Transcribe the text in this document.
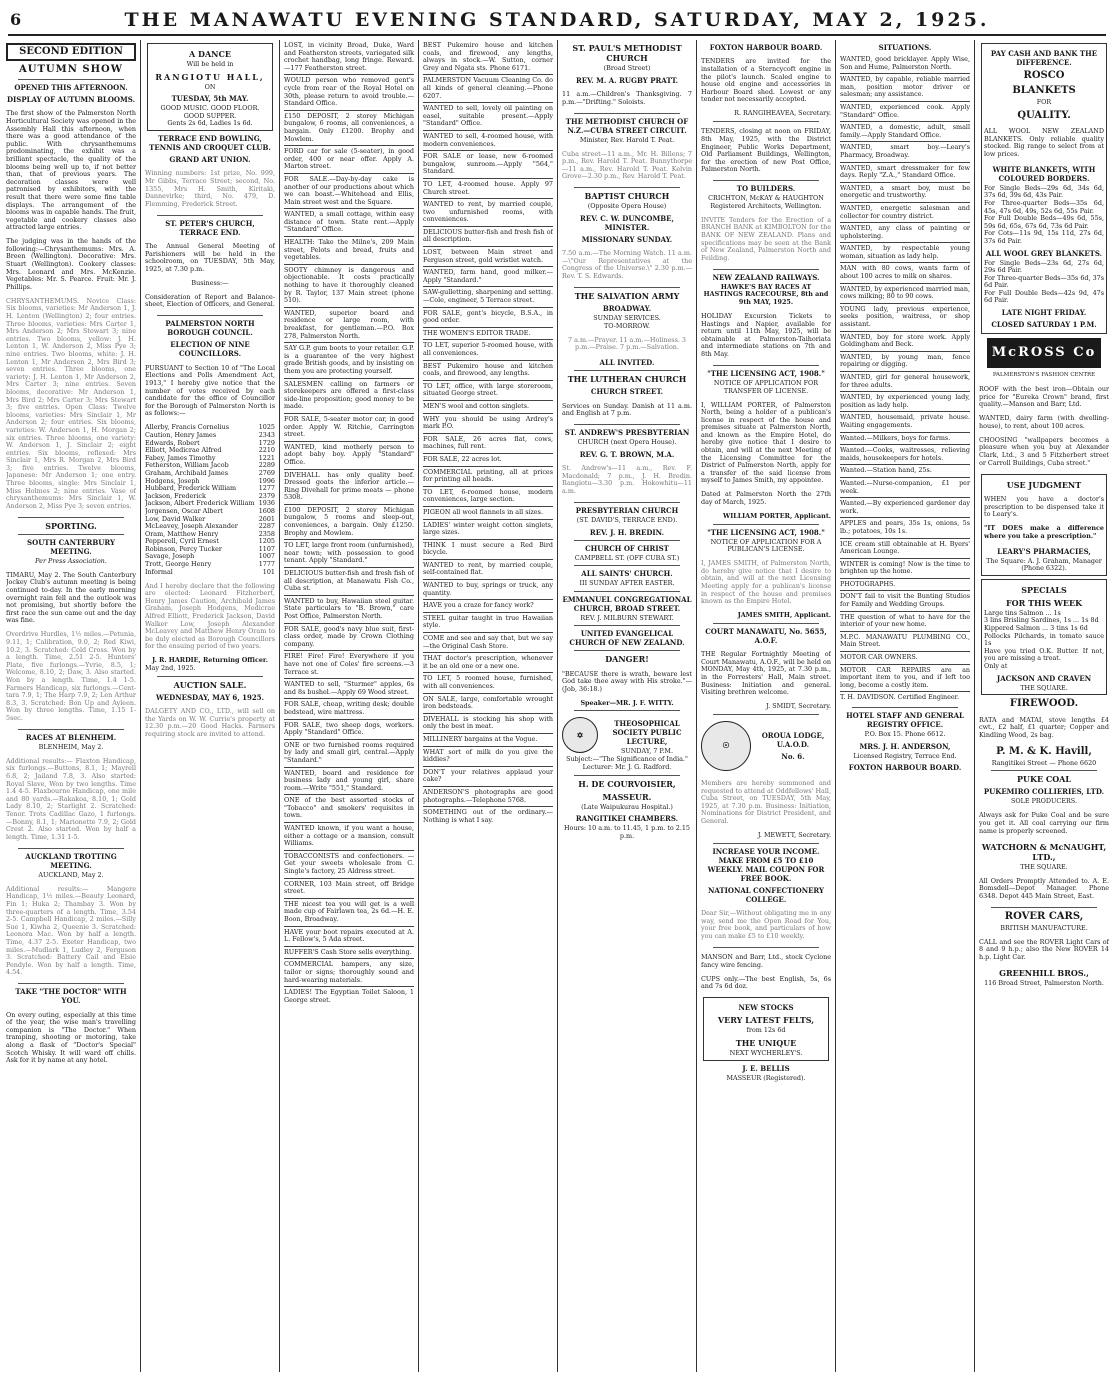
6	THE MANAWATU EVENING STANDARD, SATURDAY, MAY 2, 1925.
SECOND EDITION
AUTUMN SHOW
OPENED THIS AFTERNOON.
DISPLAY OF AUTUMN BLOOMS.

The first show of the Palmerston North Horticultural Society was opened in the Assembly Hall this afternoon, when there was a good attendance of the public. With chrysanthemums predominating, the exhibit was a brilliant spectacle, the quality of the blooms being well up to, if not better than, that of previous years. The decoration classes were well patronised by exhibitors, with the result that there were some fine table displays. The arrangement of the blooms was in capable hands. The fruit, vegetable and cookery classes also attracted large entries.

The judging was in the hands of the following:—Chrysanthemums: Mrs. A. Breen (Wellington). Decorative: Mrs. Stuart (Wellington). Cookery classes: Mrs. Leonard and Mrs. McKenzie. Vegetables: Mr. S. Pearce. Fruit: Mr. J. Phillips.

CHRYSANTHEMUMS. Novice Class: Six blooms, varieties: Mr Anderson 1, J. H. Lenton (Wellington) 2; four entries. Three blooms, varieties: Mrs Carter 1, Mrs Anderson 2; Mrs Stewart 3; nine entries. Two blooms, yellow: J. H. Lenton 1, W. Anderson 2, Miss Pye 3; nine entries. Two blooms, white: J. H. Lenton 1, Mr Anderson 2, Mrs Bird 3; seven entries. Three blooms, one variety: J. H. Lenton 1, Mr Anderson 2, Mrs Carter 3; nine entries. Seven blooms, decorative: Mr Anderson 1, Mrs Bird 2; Mrs Carter 3; Mrs Stewart 3; five entries. Open Class: Twelve blooms, varieties: Mrs Sinclair 1, Mr Anderson 2; four entries. Six blooms, varieties: W. Anderson 1, H. Morgan 2; six entries. Three blooms, one variety: W. Anderson 1, J. Sinclair 2; eight entries. Six blooms, reflexed: Mrs Sinclair 1, Mrs R. Morgan 2, Mrs Bird 3; five entries. Twelve blooms, Japanese: Mr Anderson 1; one entry. Three blooms, single: Mrs Sinclair 1, Miss Holmes 2; nine entries. Vase of chrysanthemums: Mrs Sinclair 1, W. Anderson 2, Miss Pye 3; seven entries.

SPORTING.
SOUTH CANTERBURY MEETING.
Per Press Association.

TIMARU, May 2. The South Canterbury Jockey Club's autumn meeting is being continued to-day. In the early morning overnight rain fell and the outlook was not promising, but shortly before the first race the sun came out and the day was fine.

Overdrive Hurdles, 1½ miles.—Petunia, 9.11, 1; Calibration, 9.0, 2; Red Kiwi, 10.2, 3. Scratched: Cold Cross. Won by a length. Time, 2.51 2-5. Hunters' Plate, five furlongs.—Yvrie, 8.5, 1; Welcome, 8.10, 2; Daw, 3. Also started. Won by a length. Time, 1.4 1-5. Farmers Handicap, six furlongs.—Cent-tara 7.9, 1; The Harp 7.9, 2; Len Arthur 8.3, 3. Scratched: Bon Up and Ayleen. Won by three lengths. Time, 1.15 1-5sec.

RACES AT BLENHEIM.
BLENHEIM, May 2.

Additional results:— Flaxton Handicap, six furlongs.—Buttons, 8.1, 1; Mayrell 6.8, 2; Jailand 7.8, 3. Also started: Royal Slave, Won by two lengths. Time 1.4 4-5. Flaxbourne Handicap, one mile and 80 yards.—Rakakoa, 8.10, 1; Gold Lady 8.10, 2; Starlight 2. Scratched: Tenor. Trots Cadillac Gazo, 1 furlongs.—Bonny, 8.1, 1; Marionette 7.9, 2; Gold Crest 2. Also started. Won by half a length. Time, 1.31 1-5.

AUCKLAND TROTTING MEETING.
AUCKLAND, May 2.

Additional results:— Mangere Handicap, 1½ miles.—Beauty Leonard, Fin 1; Huka 2; Thambay 3. Won by three-quarters of a length. Time, 3.54 2-5. Campbell Handicap, 2 miles.—Silly Sue 1, Kiwha 2, Queenie 3. Scratched: Leonora Mac. Won by half a length. Time, 4.37 2-5. Exeter Handicap, two miles.—Mudlark 1, Ludley 2, Ferguson 3. Scratched: Battery Cail and Elsie Pendyle. Won by half a length. Time, 4.54.

TAKE "THE DOCTOR" WITH YOU.

On every outing, especially at this time of the year, the wise man's travelling companion is "The Doctor." When tramping, shooting or motoring, take along a flask of "Doctor's Special" Scotch Whisky. It will ward off chills. Ask for it by name at any hotel.

A DANCE
Will be held in
RANGIOTU HALL,
ON
TUESDAY, 5th MAY.
GOOD MUSIC. GOOD FLOOR. GOOD SUPPER.
Gents 2s 6d, Ladies 1s 6d.
TERRACE END BOWLING, TENNIS AND CROQUET CLUB.
GRAND ART UNION.

Winning numbers: 1st prize, No. 999, Mr Gibbs, Terrace Street; second, No. 1355, Mrs H. Smith, Kiritaki, Dannevirke; third, No. 479, D. Flemming, Frederick Street.

ST. PETER'S CHURCH, TERRACE END.

The Annual General Meeting of Parishioners will be held in the schoolroom, on TUESDAY, 5th May, 1925, at 7.30 p.m.

Business:—

Consideration of Report and Balance-sheet, Election of Officers, and General.

PALMERSTON NORTH BOROUGH COUNCIL.
ELECTION OF NINE COUNCILLORS.

PURSUANT to Section 10 of "The Local Elections and Polls Amendment Act, 1913," I hereby give notice that the number of votes received by each candidate for the office of Councillor for the Borough of Palmerston North is as follows:—

Allerby, Francis Cornelius	1025
Caution, Henry James	2343
Edwards, Robert	1729
Elliott, Medicrae Alfred	2210
Fabey, James Timothy	1221
Fetherston, William Jacob	2289
Graham, Archibald James	2769
Hodgens, Joseph	1996
Hubbard, Frederick William	1277
Jackson, Frederick	2379
Jackson, Albert Frederick William 1936
Jorgensen, Oscar Albert	1608
Low, David Walker	2601
McLeavey, Joseph Alexander	2287
Oram, Matthew Henry	2358
Pepperell, Cyril Ernest	1205
Robinson, Percy Tucker	1107
Savage, Joseph	1007
Trott, George Henry	1777
Informal	101

And I hereby declare that the following are elected: Leonard Fitzherbert, Henry James Caution, Archibald James Graham, Joseph Hodgens, Medicrae Alfred Elliott, Frederick Jackson, David Walker Low, Joseph Alexander McLeavey and Matthew Henry Oram to be duly elected as Borough Councillors for the ensuing period of two years.

J. R. HARDIE, Returning Officer.
May 2nd, 1925.
AUCTION SALE.
WEDNESDAY, MAY 6, 1925.

DALGETY AND CO., LTD., will sell on the Yards on W. W. Currie's property at 12.30 p.m.—20 Good Hacks. Farmers requiring stock are invited to attend.

LOST, in vicinity Broad, Duke, Ward and Featherston streets, variegated silk crochet handbag, long fringe. Reward.—177 Featherston street.
WOULD person who removed gent's cycle from rear of the Royal Hotel on 30th, please return to avoid trouble.—Standard Office.
£150 DEPOSIT, 2 storey Michigan bungalow, 6 rooms, all conveniences, a bargain. Only £1200. Brophy and Mowlem.
FORD car for sale (5-seater), in good order, 400 or near offer. Apply A. Marton street.
FOR SALE.—Day-by-day cake is another of our productions about which we can boast.—Whitehead and Ellis, Main street west and the Square.
WANTED, a small cottage, within easy distance of town. State rent.—Apply "Standard" Office.
HEALTH: Take the Milne's, 209 Main street, Pelots and bread, fruits and vegetables.
SOOTY chimney is dangerous and objectionable. It costs practically nothing to have it thoroughly cleaned by R. Taylor, 137 Main street (phone 510).
WANTED, superior board and residence or large room, with breakfast, for gentleman.—P.O. Box 278, Palmerston North.
SAY G.P. gum boots to your retailer. G.P. is a guarantee of the very highest grade British goods, and by insisting on them you are protecting yourself.
SALESMEN calling on farmers or storekeepers are offered a first-class side-line proposition; good money to be made.
FOR SALE, 5-seater motor car, in good order. Apply W. Ritchie, Carrington street.
WANTED, kind motherly person to adopt baby boy. Apply "Standard" Office.
DIVEHALL has only quality beef. Dressed goats the inferior article.—Ring Divehall for prime meats — phone 5308.
£100 DEPOSIT, 2 storey Michigan bungalow, 5 rooms and sleep-out, conveniences, a bargain. Only £1250. Brophy and Mowlem.
TO LET, large front room (unfurnished), near town; with possession to good tenant. Apply "Standard."
DELICIOUS butter-fish and fresh fish of all description, at Manawatu Fish Co., Cuba st.
WANTED to buy, Hawaiian steel guitar. State particulars to "B. Brown," care Post Office, Palmerston North.
FOR SALE, good's navy blue suit, first-class order, made by Crown Clothing company.
FIRE! Fire! Fire! Everywhere if you have not one of Coles' fire screens.—3 Terrace st.
WANTED to sell, "Sturmer" apples, 6s and 8s bushel.—Apply 69 Wood street.
FOR SALE, cheap, writing desk; double bedstead, wire mattress.
FOR SALE, two sheep dogs, workers. Apply "Standard" Office.
ONE or two furnished rooms required by lady and small girl, central.—Apply "Standard."
WANTED, board and residence for business lady and young girl, share room.—Write "551," Standard.
ONE of the best assorted stocks of "Tobacco" and smokers' requisites in town.
WANTED known, if you want a house, either a cottage or a mansion, consult Williams.
TOBACCONISTS and confectioners. —Get your sweets wholesale from C. Single's factory, 25 Aldress street.
CORNER, 103 Main street, off Bridge street.
THE nicest tea you will get is a well made cup of Fairlawn tea, 2s 6d.—H. E. Boon, Broadway.
HAVE your boot repairs executed at A. L. Fellow's, 5 Ada street.
RUFFER'S Cash Store sells everything.
COMMERCIAL hampers, any size, tailor or signs; thoroughly sound and hard-wearing materials.
LADIES! The Egyptian Toilet Saloon, 1 George street.
BEST Pukemiro house and kitchen coals, and firewood, any lengths, always in stock.—W. Sutton, corner Grey and Ngata sts. Phone 6171.
PALMERSTON Vacuum Cleaning Co. do all kinds of general cleaning.—Phone 6207.
WANTED to sell, lovely oil painting on easel, suitable present.—Apply "Standard" Office.
WANTED to sell, 4-roomed house, with modern conveniences.
FOR SALE or lease, new 6-roomed bungalow, sunroom.—Apply "564," Standard.
TO LET, 4-roomed house. Apply 97 Church street.
WANTED to rent, by married couple, two unfurnished rooms, with conveniences.
DELICIOUS butter-fish and fresh fish of all description.
LOST, between Main street and Ferguson street, gold wristlet watch.
WANTED, farm hand, good milker.—Apply "Standard."
SAW-gulletting, sharpening and setting.—Cole, engineer, 5 Terrace street.
FOR SALE, gent's bicycle, B.S.A., in good order.
THE WOMEN'S EDITOR TRADE.
TO LET, superior 5-roomed house, with all conveniences.
BEST Pukemiro house and kitchen coals, and firewood, any lengths.
TO LET, office, with large storeroom, situated George street.
MEN'S wool and cotton singlets.
WHY you should be using Ardrey's mark P.O.
FOR SALE, 26 acres flat, cows, machines, full rent.
FOR SALE, 22 acres lot.
COMMERCIAL printing, all at prices for printing all heads.
TO LET, 6-roomed house, modern conveniences, large section.
PIGEON all wool flannels in all sizes.
LADIES' winter weight cotton singlets, large sizes.
THINK I must secure a Red Bird bicycle.
WANTED to rent, by married couple, self-contained flat.
WANTED to buy, springs or truck, any quantity.
HAVE you a craze for fancy work?
STEEL guitar taught in true Hawaiian style.
COME and see and say that, but we say—the Original Cash Store.
THAT doctor's prescription, whenever it be an old one or a new one.
TO LET, 5 roomed house, furnished, with all conveniences.
ON SALE, large, comfortable wrought iron bedsteads.
DIVEHALL is stocking his shop with only the best in meat.
MILLINERY bargains at the Vogue.
WHAT sort of milk do you give the kiddies?
DON'T your relatives applaud your cake?
ANDERSON'S photographs are good photographs.—Telephone 5768.
SOMETHING out of the ordinary.—Nothing is what I say.
ST. PAUL'S METHODIST CHURCH
(Broad Street)
REV. M. A. RUGBY PRATT.

11 a.m.—Children's Thanksgiving. 7 p.m.—"Drifting." Soloists.

THE METHODIST CHURCH OF N.Z.—CUBA STREET CIRCUIT.
Minister, Rev. Harold T. Peat.

Cuba street—11 a.m., Mr. H. Billens; 7 p.m., Rev. Harold T. Peat. Bunnythorpe—11 a.m., Rev. Harold T. Peat. Kelvin Grove—2.30 p.m., Rev. Harold T. Peat.

BAPTIST CHURCH
(Opposite Opera House)
REV. C. W. DUNCOMBE, MINISTER.
MISSIONARY SUNDAY.

7.50 a.m.—The Morning Watch. 11 a.m.—\"Our Representatives at the Congress of the Universe.\" 2.30 p.m.—Rev. T. S. Edwards.

THE SALVATION ARMY
BROADWAY.
SUNDAY SERVICES.
TO-MORROW.

7 a.m.—Prayer. 11 a.m.—Holiness. 3 p.m.—Praise. 7 p.m.—Salvation.

ALL INVITED.
THE LUTHERAN CHURCH
CHURCH STREET.

Services on Sunday. Danish at 11 a.m. and English at 7 p.m.

ST. ANDREW'S PRESBYTERIAN
CHURCH (next Opera House).
REV. G. T. BROWN, M.A.

St. Andrew's—11 a.m., Rev. F. Macdonald; 7 p.m., J. H. Bredin. Rangiotu—3.30 p.m. Hokowhitu—11 a.m.

PRESBYTERIAN CHURCH
(ST. DAVID'S, TERRACE END).
REV. J. H. BREDIN.
CHURCH OF CHRIST
CAMPBELL ST. (OFF CUBA ST.)
ALL SAINTS' CHURCH.
III SUNDAY AFTER EASTER.
EMMANUEL CONGREGATIONAL CHURCH, BROAD STREET.
REV. J. MILBURN STEWART.
UNITED EVANGELICAL CHURCH OF NEW ZEALAND.
DANGER!

"BECAUSE there is wrath, beware lest God take thee away with His stroke."—(Job, 36:18.)

Speaker—MR. J. F. WITTY.
✡
THEOSOPHICAL SOCIETY PUBLIC LECTURE,
SUNDAY, 7 P.M.
Subject:—"The Significance of India."
Lecturer: Mr. J. G. Radford.
H. DE COURVOISIER,
MASSEUR.
(Late Waipukurau Hospital.)
RANGITIKEI CHAMBERS.
Hours: 10 a.m. to 11.45, 1 p.m. to 2.15 p.m.
FOXTON HARBOUR BOARD.

TENDERS are invited for the installation of a Sterncycoft engine in the pilot's launch. Scaled engine to house old engine and accessories in Harbour Board shed. Lowest or any tender not necessarily accepted.

R. RANGIHEAVEA, Secretary.

TENDERS, closing at noon on FRIDAY, 8th May, 1925, with the District Engineer, Public Works Department, Old Parliament Buildings, Wellington, for the erection of new Post Office, Palmerston North.

TO BUILDERS.
CRICHTON, McKAY & HAUGHTON Registered Architects, Wellington.

INVITE Tenders for the Erection of a BRANCH BANK at KIMBOLTON for the BANK OF NEW ZEALAND. Plans and specifications may be seen at the Bank of New Zealand, Palmerston North and Feilding.

NEW ZEALAND RAILWAYS.
HAWKE'S BAY RACES AT HASTINGS RACECOURSE, 8th and 9th MAY, 1925.

HOLIDAY Excursion Tickets to Hastings and Napier, available for return until 11th May, 1925, will be obtainable at Palmerston-Taihoriata and intermediate stations on 7th and 8th May.

"THE LICENSING ACT, 1908."
NOTICE OF APPLICATION FOR TRANSFER OF LICENSE.

I, WILLIAM PORTER, of Palmerston North, being a holder of a publican's license in respect of the house and premises situate at Palmerston North, and known as the Empire Hotel, do hereby give notice that I desire to obtain, and will at the next Meeting of the Licensing Committee for the District of Palmerston North, apply for a transfer of the said license from myself to James Smith, my appointee.

Dated at Palmerston North the 27th day of March, 1925.

WILLIAM PORTER, Applicant.
"THE LICENSING ACT, 1908."
NOTICE OF APPLICATION FOR A PUBLICAN'S LICENSE.

I, JAMES SMITH, of Palmerston North, do hereby give notice that I desire to obtain, and will at the next Licensing Meeting apply for a publican's license in respect of the house and premises known as the Empire Hotel.

JAMES SMITH, Applicant.
COURT MANAWATU, No. 5655, A.O.F.

THE Regular Fortnightly Meeting of Court Manawatu, A.O.F., will be held on MONDAY, May 4th, 1925, at 7.30 p.m., in the Forresters' Hall, Main street. Business: Initiation and general. Visiting brethren welcome.

J. SMIDT, Secretary.
☉
OROUA LODGE, U.A.O.D.
No. 6.

Members are hereby summoned and requested to attend at Oddfellows' Hall, Cuba Street, on TUESDAY, 5th May, 1925, at 7.30 p.m. Business: Initiation, Nominations for District President, and General.

J. MEWETT, Secretary.
INCREASE YOUR INCOME. MAKE FROM £5 TO £10 WEEKLY. MAIL COUPON FOR FREE BOOK.
NATIONAL CONFECTIONERY COLLEGE.

Dear Sir,—Without obligating me in any way, send me the Open Road for You, your free book, and particulars of how you can make £5 to £10 weekly.

MANSON and Barr, Ltd., stock Cyclone fancy wire fencing.

CUPS only.—The best English, 5s, 6s and 7s 6d doz.

NEW STOCKS
VERY LATEST FELTS,
from 12s 6d
THE UNIQUE
NEXT WYCHERLEY'S.
J. E. BELLIS
MASSEUR (Registered).
SITUATIONS.
WANTED, good bricklayer. Apply Wise, Son and Hume, Palmerston North.
WANTED, by capable, reliable married man, position motor driver or salesman; any assistance.
WANTED, experienced cook. Apply "Standard" Office.
WANTED, a domestic, adult, small family.—Apply Standard Office.
WANTED, smart boy.—Leary's Pharmacy, Broadway.
WANTED, smart dressmaker for few days. Reply "Z.A.," Standard Office.
WANTED, a smart boy, must be energetic and trustworthy.
WANTED, energetic salesman and collector for country district.
WANTED, any class of painting or upholstering.
WANTED, by respectable young woman, situation as lady help.
MAN with 80 cows, wants farm of about 100 acres to milk on shares.
WANTED, by experienced married man, cows milking; 80 to 90 cows.
YOUNG lady, previous experience, seeks position, waitress, or shop assistant.
WANTED, boy for store work. Apply Goldingham and Beck.
WANTED, by young man, fence repairing or digging.
WANTED, girl for general housework, for three adults.
WANTED, by experienced young lady, position as lady help.
WANTED, housemaid, private house. Waiting engagements.
Wanted.—Milkers, boys for farms.
Wanted.—Cooks, waitresses, relieving maids, housekeepers for hotels.
Wanted.—Station hand, 25s.
Wanted.—Nurse-companion, £1 per week.
Wanted.—By experienced gardener day work.
APPLES and pears, 35s 1s, onions, 5s lb.; potatoes, 10s 1s.
ICE cream still obtainable at H. Byers' American Lounge.
WINTER is coming! Now is the time to brighten up the home.
PHOTOGRAPHS.
DON'T fail to visit the Bunting Studios for Family and Wedding Groups.
THE question of what to have for the interior of your new home.
M.P.C. MANAWATU PLUMBING CO., Main Street.
MOTOR CAR OWNERS.
MOTOR CAR REPAIRS are an important item to you, and if left too long, become a costly item.
T. H. DAVIDSON. Certified Engineer.
HOTEL STAFF AND GENERAL REGISTRY OFFICE.
P.O. Box 15. Phone 6612.
MRS. J. H. ANDERSON,
Licensed Registry, Terrace End.
FOXTON HARBOUR BOARD.
PAY CASH AND BANK THE DIFFERENCE.
ROSCO
BLANKETS
FOR
QUALITY.

ALL WOOL NEW ZEALAND BLANKETS. Only reliable quality stocked. Big range to select from at low prices.

WHITE BLANKETS, WITH COLOURED BORDERS.
For Single Beds—29s 6d, 34s 6d, 37s 6d, 39s 6d, 43s Pair.
For Three-quarter Beds—35s 6d, 45s, 47s 6d, 49s, 52s 6d, 55s Pair.
For Full Double Beds—49s 6d, 55s, 59s 6d, 65s, 67s 6d, 73s 6d Pair.
For Cots—11s 9d, 15s 11d, 27s 6d, 37s 6d Pair.
ALL WOOL GREY BLANKETS.
For Single Beds—23s 6d, 27s 6d, 29s 6d Pair.
For Three-quarter Beds—35s 6d, 37s 6d Pair.
For Full Double Beds—42s 9d, 47s 6d Pair.
LATE NIGHT FRIDAY.
CLOSED SATURDAY 1 P.M.
McROSS Co
PALMERSTON'S FASHION CENTRE

ROOF with the best iron—Obtain our price for "Eureka Crown" brand, first quality.—Manson and Barr, Ltd.

WANTED, dairy farm (with dwelling-house), to rent, about 100 acres.

CHOOSING "wallpapers becomes a pleasure when you buy at Alexander Clark, Ltd., 3 and 5 Fitzherbert street or Carroll Buildings, Cuba street."

USE JUDGMENT

WHEN you have a doctor's prescription to be dispensed take it to Leary's.

"IT DOES make a difference where you take a prescription."

LEARY'S PHARMACIES,
The Square: A. J. Graham, Manager (Phone 6322).
SPECIALS
FOR THIS WEEK
Large tins Salmon ... 1s
3 lins Brisling Sardines, 1s ... 1s 8d
Kippered Salmon ... 3 tins 1s 6d
Pollocks Pilchards, in tomato sauce 1s
Have you tried O.K. Butter. If not, you are missing a treat.
Only at
JACKSON AND CRAVEN
THE SQUARE.
FIREWOOD.

RATA and MATAI, stove lengths £4 cwt., £2 half, £1 quarter; Copper and Kindling Wood, 2s bag.

P. M. & K. Havill,
Rangitikei Street — Phone 6620
PUKE COAL
PUKEMIRO COLLIERIES, LTD.
SOLE PRODUCERS.

Always ask for Puke Coal and be sure you get it. All coal carrying our firm name is properly screened.

WATCHORN & McNAUGHT, LTD.,
THE SQUARE.

All Orders Promptly Attended to. A. E. Bomsdell—Depot Manager. Phone 6348. Depot 445 Main Street, East.

ROVER CARS,
BRITISH MANUFACTURE.

CALL and see the ROVER Light Cars of 8 and 9 h.p.; also the New ROVER 14 h.p. Light Car.

GREENHILL BROS.,
116 Broad Street, Palmerston North.
